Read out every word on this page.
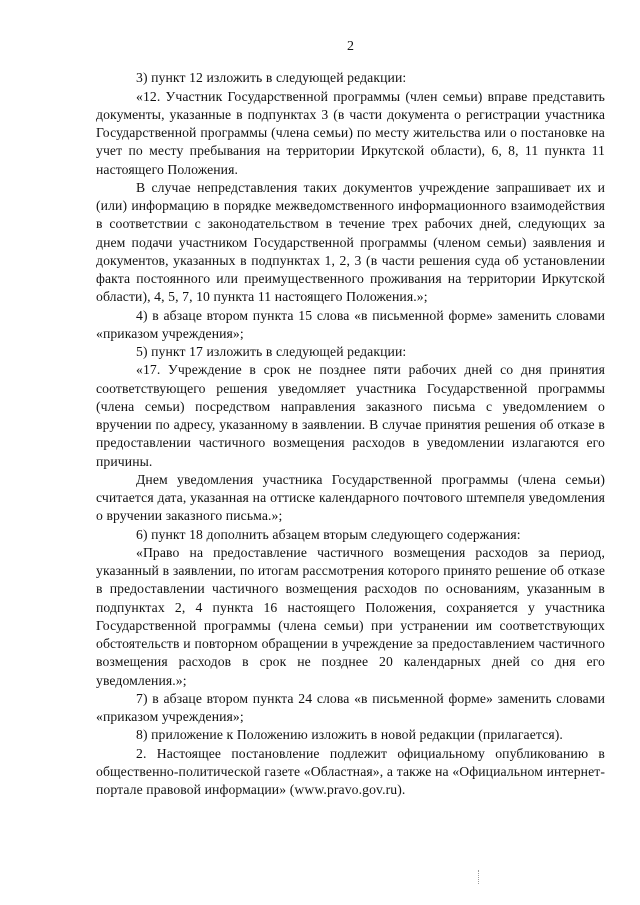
2

3) пункт 12 изложить в следующей редакции:

«12. Участник Государственной программы (член семьи) вправе представить документы, указанные в подпунктах 3 (в части документа о регистрации участника Государственной программы (члена семьи) по месту жительства или о постановке на учет по месту пребывания на территории Иркутской области), 6, 8, 11 пункта 11 настоящего Положения.

В случае непредставления таких документов учреждение запрашивает их и (или) информацию в порядке межведомственного информационного взаимодействия в соответствии с законодательством в течение трех рабочих дней, следующих за днем подачи участником Государственной программы (членом семьи) заявления и документов, указанных в подпунктах 1, 2, 3 (в части решения суда об установлении факта постоянного или преимущественного проживания на территории Иркутской области), 4, 5, 7, 10 пункта 11 настоящего Положения.»;

4) в абзаце втором пункта 15 слова «в письменной форме» заменить словами «приказом учреждения»;

5) пункт 17 изложить в следующей редакции:

«17. Учреждение в срок не позднее пяти рабочих дней со дня принятия соответствующего решения уведомляет участника Государственной программы (члена семьи) посредством направления заказного письма с уведомлением о вручении по адресу, указанному в заявлении. В случае принятия решения об отказе в предоставлении частичного возмещения расходов в уведомлении излагаются его причины.

Днем уведомления участника Государственной программы (члена семьи) считается дата, указанная на оттиске календарного почтового штемпеля уведомления о вручении заказного письма.»;

6) пункт 18 дополнить абзацем вторым следующего содержания:

«Право на предоставление частичного возмещения расходов за период, указанный в заявлении, по итогам рассмотрения которого принято решение об отказе в предоставлении частичного возмещения расходов по основаниям, указанным в подпунктах 2, 4 пункта 16 настоящего Положения, сохраняется у участника Государственной программы (члена семьи) при устранении им соответствующих обстоятельств и повторном обращении в учреждение за предоставлением частичного возмещения расходов в срок не позднее 20 календарных дней со дня его уведомления.»;

7) в абзаце втором пункта 24 слова «в письменной форме» заменить словами «приказом учреждения»;

8) приложение к Положению изложить в новой редакции (прилагается).

2. Настоящее постановление подлежит официальному опубликованию в общественно-политической газете «Областная», а также на «Официальном интернет-портале правовой информации» (www.pravo.gov.ru).
